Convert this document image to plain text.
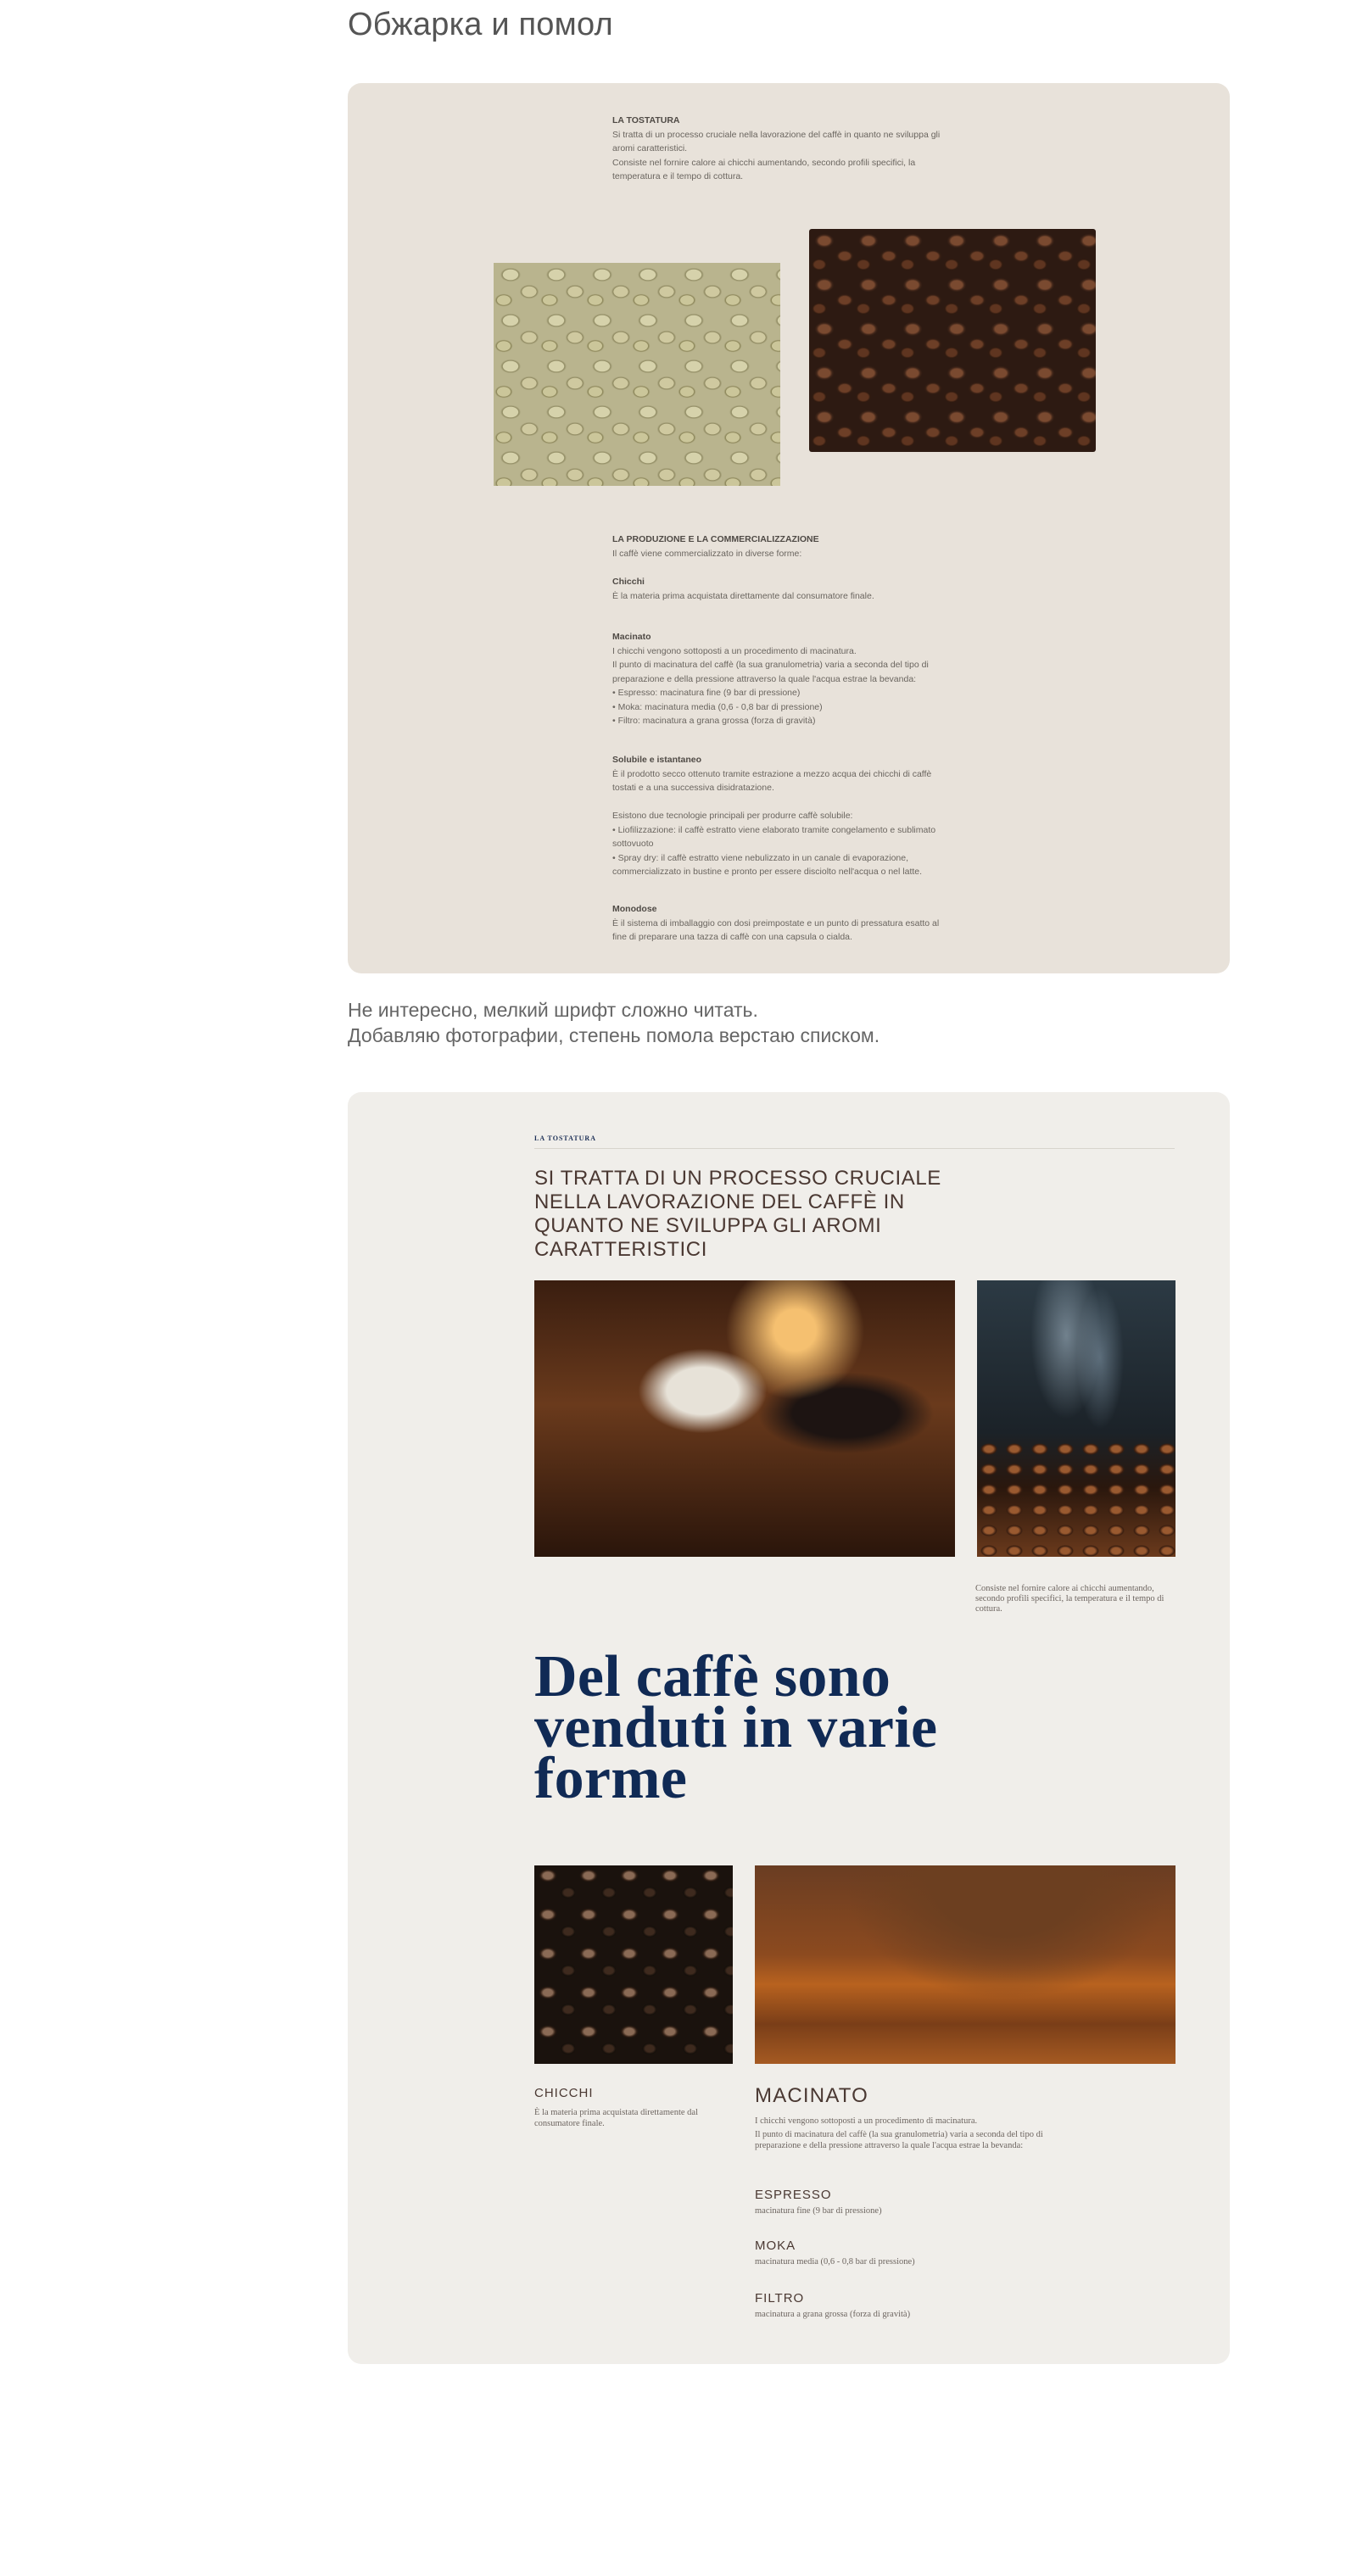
Обжарка и помол

LA TOSTATURA

Si tratta di un processo cruciale nella lavorazione del caffè in quanto ne sviluppa gli

aromi caratteristici.

Consiste nel fornire calore ai chicchi aumentando, secondo profili specifici, la

temperatura e il tempo di cottura.

LA PRODUZIONE E LA COMMERCIALIZZAZIONE

Il caffè viene commercializzato in diverse forme:

Chicchi

È la materia prima acquistata direttamente dal consumatore finale.

Macinato

I chicchi vengono sottoposti a un procedimento di macinatura.

Il punto di macinatura del caffè (la sua granulometria) varia a seconda del tipo di

preparazione e della pressione attraverso la quale l'acqua estrae la bevanda:

• Espresso: macinatura fine (9 bar di pressione)

• Moka: macinatura media (0,6 - 0,8 bar di pressione)

• Filtro: macinatura a grana grossa (forza di gravità)

Solubile e istantaneo

È il prodotto secco ottenuto tramite estrazione a mezzo acqua dei chicchi di caffè

tostati e a una successiva disidratazione.

Esistono due tecnologie principali per produrre caffè solubile:

• Liofilizzazione: il caffè estratto viene elaborato tramite congelamento e sublimato

sottovuoto

• Spray dry: il caffè estratto viene nebulizzato in un canale di evaporazione,

commercializzato in bustine e pronto per essere disciolto nell'acqua o nel latte.

Monodose

È il sistema di imballaggio con dosi preimpostate e un punto di pressatura esatto al

fine di preparare una tazza di caffè con una capsula o cialda.

Не интересно, мелкий шрифт сложно читать.
Добавляю фотографии, степень помола верстаю списком.
LA TOSTATURA
SI TRATTA DI UN PROCESSO CRUCIALE NELLA LAVORAZIONE DEL CAFFÈ IN QUANTO NE SVILUPPA GLI AROMI CARATTERISTICI
Consiste nel fornire calore ai chicchi aumentando, secondo profili specifici, la temperatura e il tempo di cottura.
Del caffè sono venduti in varie forme
CHICCHI
È la materia prima acquistata direttamente dal consumatore finale.
MACINATO
I chicchi vengono sottoposti a un procedimento di macinatura.
Il punto di macinatura del caffè (la sua granulometria) varia a seconda del tipo di preparazione e della pressione attraverso la quale l'acqua estrae la bevanda:
ESPRESSO
macinatura fine (9 bar di pressione)
MOKA
macinatura media (0,6 - 0,8 bar di pressione)
FILTRO
macinatura a grana grossa (forza di gravità)
